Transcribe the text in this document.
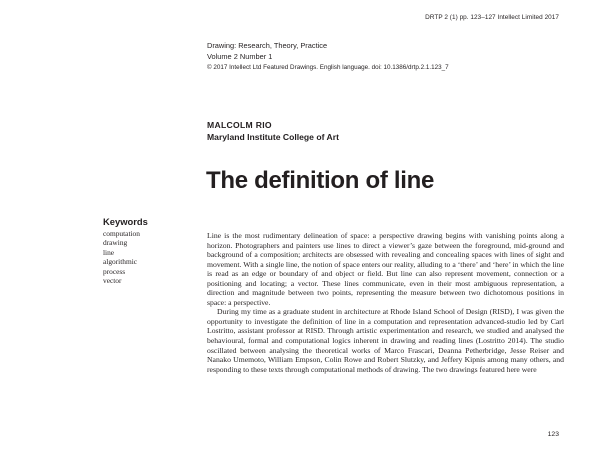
DRTP 2 (1) pp. 123–127 Intellect Limited 2017
Drawing: Research, Theory, Practice
Volume 2 Number 1
© 2017 Intellect Ltd Featured Drawings. English language. doi: 10.1386/drtp.2.1.123_7
MALCOLM RIO
Maryland Institute College of Art
The definition of line
Keywords
computation
drawing
line
algorithmic
process
vector

Line is the most rudimentary delineation of space: a perspective drawing begins with vanishing points along a horizon. Photographers and painters use lines to direct a viewer’s gaze between the foreground, mid-ground and background of a composition; architects are obsessed with revealing and concealing spaces with lines of sight and movement. With a single line, the notion of space enters our reality, alluding to a ‘there’ and ‘here’ in which the line is read as an edge or boundary of and object or field. But line can also represent movement, connection or a positioning and locating; a vector. These lines communicate, even in their most ambiguous representation, a direction and magnitude between two points, representing the measure between two dichotomous positions in space: a perspective.

During my time as a graduate student in architecture at Rhode Island School of Design (RISD), I was given the opportunity to investigate the definition of line in a computation and representation advanced-studio led by Carl Lostritto, assistant professor at RISD. Through artistic experimentation and research, we studied and analysed the behavioural, formal and computational logics inherent in drawing and reading lines (Lostritto 2014). The studio oscillated between analysing the theoretical works of Marco Frascari, Deanna Petherbridge, Jesse Reiser and Nanako Umemoto, William Empson, Colin Rowe and Robert Slutzky, and Jeffery Kipnis among many others, and responding to these texts through computational methods of drawing. The two drawings featured here were

123
